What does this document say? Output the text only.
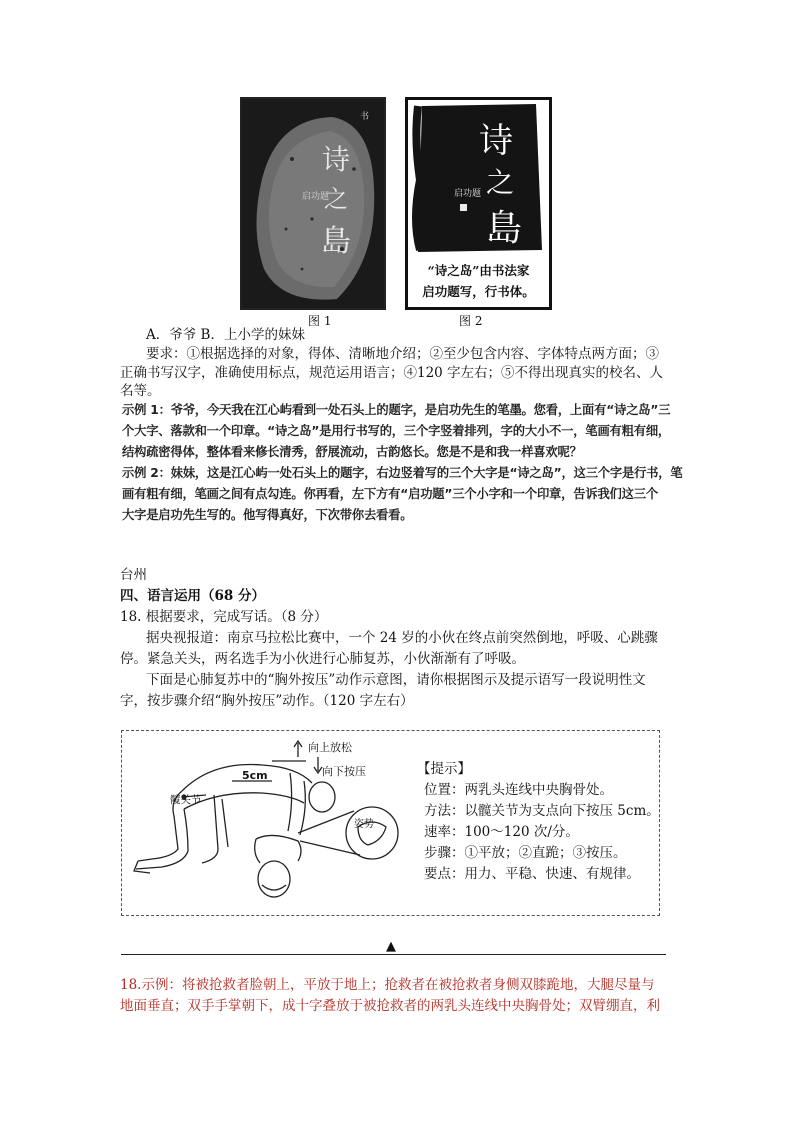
诗
之
島
启功题
书
图 1
诗
之
島
启功题
“诗之岛”由书法家
启功题写，行书体。
图 2
A．爷爷 B．上小学的妹妹
要求：①根据选择的对象，得体、清晰地介绍；②至少包含内容、字体特点两方面；③
正确书写汉字，准确使用标点，规范运用语言；④120 字左右；⑤不得出现真实的校名、人
名等。
示例 1：爷爷，今天我在江心屿看到一处石头上的题字，是启功先生的笔墨。您看，上面有“诗之岛”三
个大字、落款和一个印章。“诗之岛”是用行书写的，三个字竖着排列，字的大小不一，笔画有粗有细，
结构疏密得体，整体看来修长清秀，舒展流动，古韵悠长。您是不是和我一样喜欢呢？
示例 2：妹妹，这是江心屿一处石头上的题字，右边竖着写的三个大字是“诗之岛”，这三个字是行书，笔
画有粗有细，笔画之间有点勾连。你再看，左下方有“启功题”三个小字和一个印章，告诉我们这三个
大字是启功先生写的。他写得真好，下次带你去看看。
台州
四、语言运用（68 分）
18. 根据要求，完成写话。（8 分）
据央视报道：南京马拉松比赛中，一个 24 岁的小伙在终点前突然倒地，呼吸、心跳骤
停。紧急关头，两名选手为小伙进行心肺复苏，小伙渐渐有了呼吸。
下面是心肺复苏中的“胸外按压”动作示意图，请你根据图示及提示语写一段说明性文
字，按步骤介绍“胸外按压”动作。（120 字左右）
向上放松
向下按压
5cm
髋关节
姿势
【提示】
位置：两乳头连线中央胸骨处。
方法：以髋关节为支点向下按压 5cm。
速率：100～120 次/分。
步骤：①平放；②直跪；③按压。
要点：用力、平稳、快速、有规律。
▲
18.示例：将被抢救者脸朝上，平放于地上；抢救者在被抢救者身侧双膝跪地，大腿尽量与
地面垂直；双手手掌朝下，成十字叠放于被抢救者的两乳头连线中央胸骨处；双臂绷直，利
